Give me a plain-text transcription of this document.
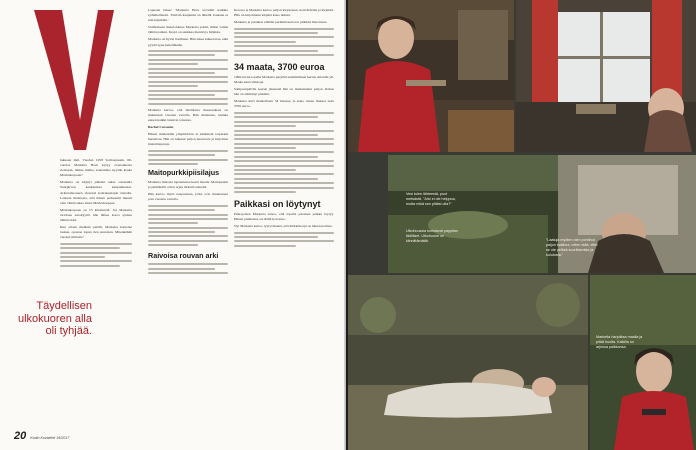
lukuaan mm. Vuoden 1958 Sotilaspassin. 66-vuotias Marketta Horn kysyy ovenaukosta iloissaan, minne matka, saattaisiko kyytiin koska Mörkökorpeen?

Marketta on käynyt pitkästi aikaa ostoksilla Suurjärven kaukaisissa kaupunkeissa. Arkistohuoneen vieressä kotirakentajan rinnalla. Lantaan muistosta, että hänen perheensä muutti vain vähän aikaa sitten Mörkökorpeen.

Mörkökorpeen on 13 kilometriä. Jos Marketta tarvitsee autokyytiä, hän lähtee kotoa ajoissa tämän tästä.

Kun ollaan melkein perillä, Marketta kaivelee taskua, opastaa lopun tien suuntaan. Mitenkähän vuoden mittaan?

Täydellisen ulkokuoren alla oli tyhjää.

Lapuaan lukee: 'Marketta Horn tervehtii kaikkia sydämellisesti. Talvisin kaupunki on lähellä. Kukaan ei tule käymään.'

Vaimoineen meteloidessa Marketta pohtii, miksi valitsi tämän paikan. Korpi on sankkaa metsää ja hiljaista.

Marketta on hyvin itsellinen. Hän tekee kaiken itse, eikä pyydä apua keneltäkään.

Marketta kertoo, että mielikuva maaseudusta on muuttunut vuosien varrella. Hän muistelee, kuinka ennen kaikki tunsivat toisensa.

Rachel Carsonin

Hänen mielestään ympäristöön ei kiinnitetä tarpeeksi huomiota. Hän on lukenut paljon luonnosta ja kirjoittaa muistiinpanoja.

Maitopurkkipiisilajus

Marketta muistaa lapsuutensa kesät maalla. Maitopurkit ja piimäleilit olivat arjen tärkeitä esineitä.

Hän kertoo myös naapureista, jotka ovat muuttaneet pois vuosien varrella.

Raivoisa rouvan arki

Korona ja Marketta kertoo paljon kirjoistaan, kotiväestään ja kirjeistä. Hän on kirjoittanut kirjeitä koko ikänsä.

Marketta ja puolikas elämän perimää kertovat pitkästä historiasta.

34 maata, 3700 euroa

1990-luvun lopulla Marketta purjehti ensimmäisen kerran Atlantin yli. Matka kesti viikkoja.

Sampsanpäivän seuran jäsenenä hän on matkustanut paljon. Rahaa hän on säästänyt pitkään.

Marketta kävi matkoillaan 34 maassa, ja koko reissu maksoi noin 3700 euroa.

Paikkasi on löytynyt

Pelkojoisen Marketta sanoo, että lopulta jokaisen paikka löytyy. Hänen paikkansa on täällä korvessa.

Nyt Marketta kertoo tyytyväisenä, että Mörkökorpi on hänen kotinsa.

20 Kodin Kuvalehti 16/2017
Vesi tulee lähteestä, puut metsästä. "Arki ei ole helppoa, mutta mikä sen pitäisi olla?"
Ulkohuussia koristavat pappilan tädilliset. Ulkohuone on kiinnittämättä.	"Laatuja myöten olen pohtinut paljon kaikkea, miten elää, ettei se ole pelkkä suorittamista ja kulutusta."
Marketta harjoittaa maalla ja pitää huolta. Kaikilla on arjessa paikkansa.
